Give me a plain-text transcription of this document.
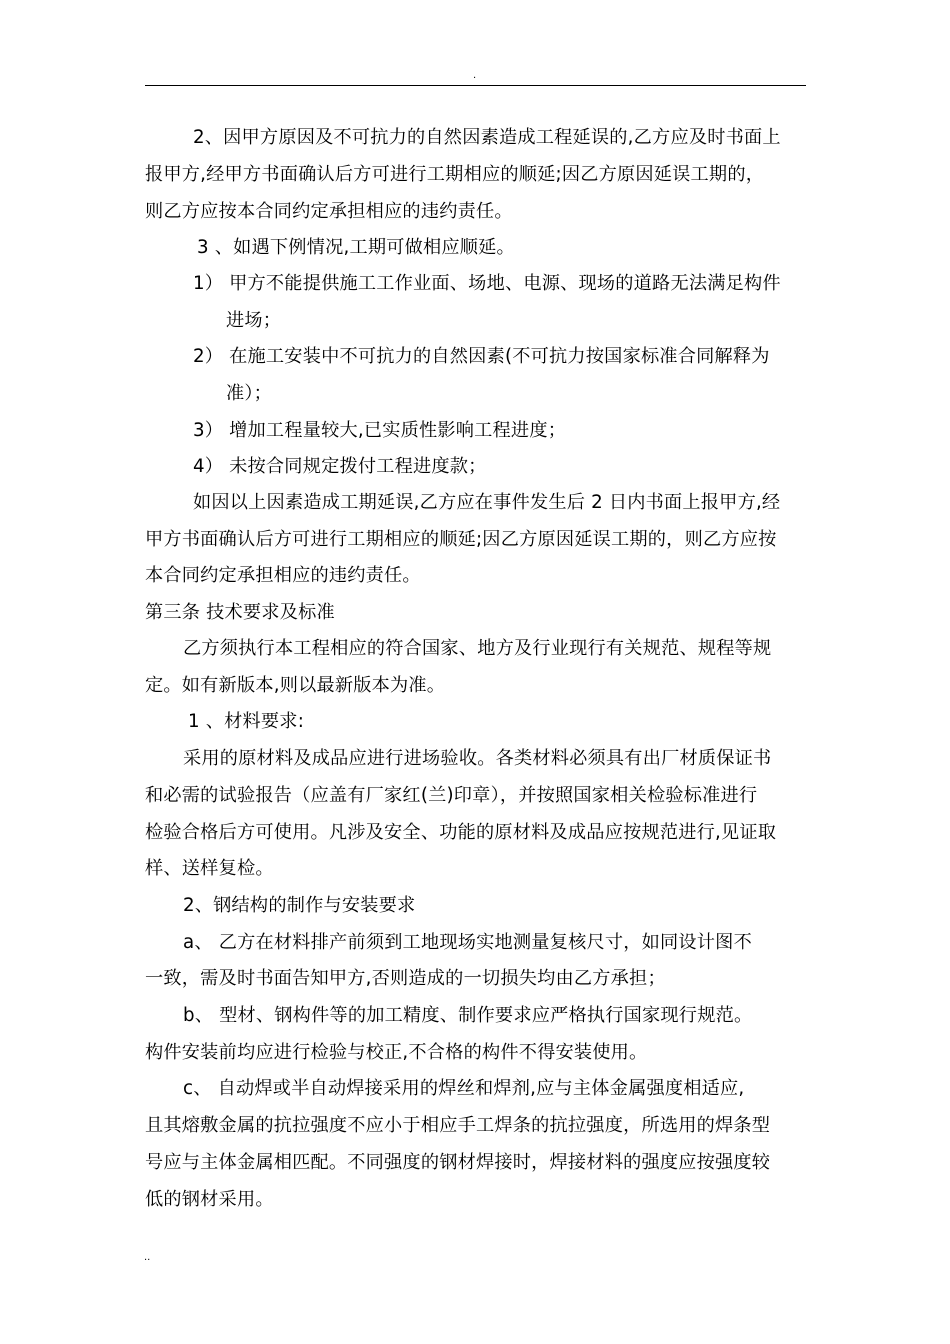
.
2、因甲方原因及不可抗力的自然因素造成工程延误的,乙方应及时书面上
报甲方,经甲方书面确认后方可进行工期相应的顺延;因乙方原因延误工期的，
则乙方应按本合同约定承担相应的违约责任。
3 、如遇下例情况,工期可做相应顺延。
1） 甲方不能提供施工工作业面、场地、电源、现场的道路无法满足构件
进场；
2） 在施工安装中不可抗力的自然因素(不可抗力按国家标准合同解释为
准）；
3） 增加工程量较大,已实质性影响工程进度；
4） 未按合同规定拨付工程进度款；
如因以上因素造成工期延误,乙方应在事件发生后 2 日内书面上报甲方,经
甲方书面确认后方可进行工期相应的顺延;因乙方原因延误工期的，则乙方应按
本合同约定承担相应的违约责任。
第三条 技术要求及标准
乙方须执行本工程相应的符合国家、地方及行业现行有关规范、规程等规
定。如有新版本,则以最新版本为准。
1 、材料要求:
采用的原材料及成品应进行进场验收。各类材料必须具有出厂材质保证书
和必需的试验报告（应盖有厂家红(兰)印章），并按照国家相关检验标准进行
检验合格后方可使用。凡涉及安全、功能的原材料及成品应按规范进行,见证取
样、送样复检。
2、钢结构的制作与安装要求
a、 乙方在材料排产前须到工地现场实地测量复核尺寸，如同设计图不
一致，需及时书面告知甲方,否则造成的一切损失均由乙方承担；
b、 型材、钢构件等的加工精度、制作要求应严格执行国家现行规范。
构件安装前均应进行检验与校正,不合格的构件不得安装使用。
c、 自动焊或半自动焊接采用的焊丝和焊剂,应与主体金属强度相适应,
且其熔敷金属的抗拉强度不应小于相应手工焊条的抗拉强度，所选用的焊条型
号应与主体金属相匹配。不同强度的钢材焊接时，焊接材料的强度应按强度较
低的钢材采用。
..
